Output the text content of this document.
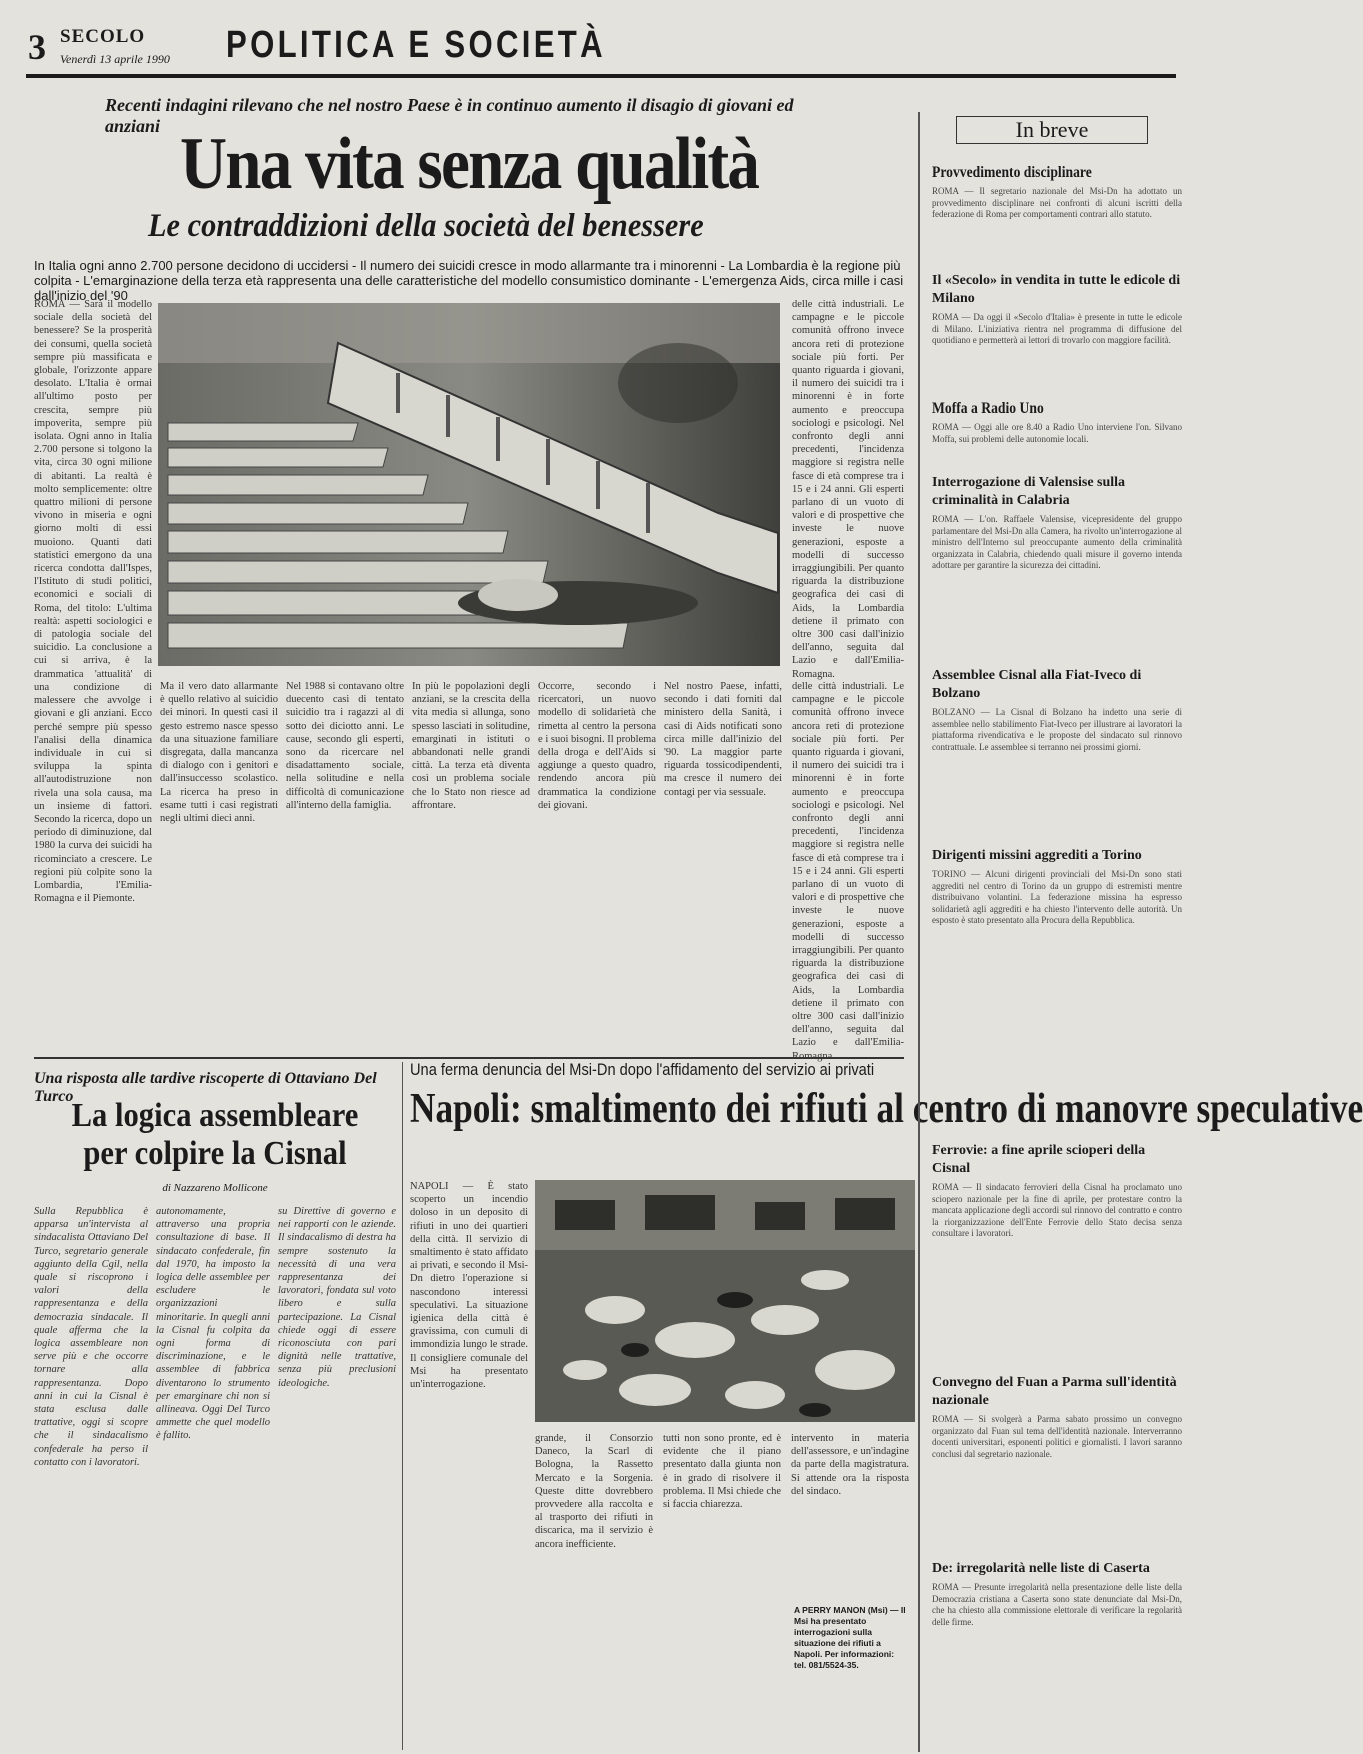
3 SECOLO
Venerdì 13 aprile 1990 POLITICA E SOCIETÀ
Recenti indagini rilevano che nel nostro Paese è in continuo aumento il disagio di giovani ed anziani Una vita senza qualità
Le contraddizioni della società del benessere
In Italia ogni anno 2.700 persone decidono di uccidersi - Il numero dei suicidi cresce in modo allarmante tra i minorenni - La Lombardia è la regione più colpita - L'emarginazione della terza età rappresenta una delle caratteristiche del modello consumistico dominante - L'emergenza Aids, circa mille i casi dall'inizio del '90
ROMA — Sarà il modello sociale della società del benessere? Se la prosperità dei consumi, quella società sempre più massificata e globale, l'orizzonte appare desolato. L'Italia è ormai all'ultimo posto per crescita, sempre più impoverita, sempre più isolata. Ogni anno in Italia 2.700 persone si tolgono la vita, circa 30 ogni milione di abitanti. La realtà è molto semplicemente: oltre quattro milioni di persone vivono in miseria e ogni giorno molti di essi muoiono. Quanti dati statistici emergono da una ricerca condotta dall'Ispes, l'Istituto di studi politici, economici e sociali di Roma, del titolo: L'ultima realtà: aspetti sociologici e di patologia sociale del suicidio. La conclusione a cui si arriva, è la drammatica 'attualità' di una condizione di malessere che avvolge i giovani e gli anziani. Ecco perché sempre più spesso l'analisi della dinamica individuale in cui si sviluppa la spinta all'autodistruzione non rivela una sola causa, ma un insieme di fattori. Secondo la ricerca, dopo un periodo di diminuzione, dal 1980 la curva dei suicidi ha ricominciato a crescere. Le regioni più colpite sono la Lombardia, l'Emilia-Romagna e il Piemonte.
delle città industriali. Le campagne e le piccole comunità offrono invece ancora reti di protezione sociale più forti. Per quanto riguarda i giovani, il numero dei suicidi tra i minorenni è in forte aumento e preoccupa sociologi e psicologi. Nel confronto degli anni precedenti, l'incidenza maggiore si registra nelle fasce di età comprese tra i 15 e i 24 anni. Gli esperti parlano di un vuoto di valori e di prospettive che investe le nuove generazioni, esposte a modelli di successo irraggiungibili. Per quanto riguarda la distribuzione geografica dei casi di Aids, la Lombardia detiene il primato con oltre 300 casi dall'inizio dell'anno, seguita dal Lazio e dall'Emilia-Romagna.
Ma il vero dato allarmante è quello relativo al suicidio dei minori. In questi casi il gesto estremo nasce spesso da una situazione familiare disgregata, dalla mancanza di dialogo con i genitori e dall'insuccesso scolastico. La ricerca ha preso in esame tutti i casi registrati negli ultimi dieci anni.
Nel 1988 si contavano oltre duecento casi di tentato suicidio tra i ragazzi al di sotto dei diciotto anni. Le cause, secondo gli esperti, sono da ricercare nel disadattamento sociale, nella solitudine e nella difficoltà di comunicazione all'interno della famiglia.
In più le popolazioni degli anziani, se la crescita della vita media si allunga, sono spesso lasciati in solitudine, emarginati in istituti o abbandonati nelle grandi città. La terza età diventa così un problema sociale che lo Stato non riesce ad affrontare.
Occorre, secondo i ricercatori, un nuovo modello di solidarietà che rimetta al centro la persona e i suoi bisogni. Il problema della droga e dell'Aids si aggiunge a questo quadro, rendendo ancora più drammatica la condizione dei giovani.
Nel nostro Paese, infatti, secondo i dati forniti dal ministero della Sanità, i casi di Aids notificati sono circa mille dall'inizio del '90. La maggior parte riguarda tossicodipendenti, ma cresce il numero dei contagi per via sessuale.
delle città industriali. Le campagne e le piccole comunità offrono invece ancora reti di protezione sociale più forti. Per quanto riguarda i giovani, il numero dei suicidi tra i minorenni è in forte aumento e preoccupa sociologi e psicologi. Nel confronto degli anni precedenti, l'incidenza maggiore si registra nelle fasce di età comprese tra i 15 e i 24 anni. Gli esperti parlano di un vuoto di valori e di prospettive che investe le nuove generazioni, esposte a modelli di successo irraggiungibili. Per quanto riguarda la distribuzione geografica dei casi di Aids, la Lombardia detiene il primato con oltre 300 casi dall'inizio dell'anno, seguita dal Lazio e dall'Emilia-
Una risposta alle tardive riscoperte di Ottaviano Del Turco
La logica assembleare per colpire la Cisnal
di Nazzareno Mollicone
Sulla Repubblica è apparsa un'intervista al sindacalista Ottaviano Del Turco, segretario generale aggiunto della Cgil, nella quale si riscoprono i valori della rappresentanza e della democrazia sindacale. Il quale afferma che la logica assembleare non serve più e che occorre tornare alla rappresentanza. Dopo anni in cui la Cisnal è stata esclusa dalle trattative, oggi si scopre che il sindacalismo confederale ha perso il contatto con i lavoratori.
autonomamente, attraverso una propria consultazione di base. Il sindacato confederale, fin dal 1970, ha imposto la logica delle assemblee per escludere le organizzazioni minoritarie. In quegli anni la Cisnal fu colpita da ogni forma di discriminazione, e le assemblee di fabbrica diventarono lo strumento per emarginare chi non si allineava. Oggi Del Turco ammette che quel modello è fallito.
su Direttive di governo e nei rapporti con le aziende. Il sindacalismo di destra ha sempre sostenuto la necessità di una vera rappresentanza dei lavoratori, fondata sul voto libero e sulla partecipazione. La Cisnal chiede oggi di essere riconosciuta con pari dignità nelle trattative, senza più preclusioni ideologiche.
Una ferma denuncia del Msi-Dn dopo l'affidamento del servizio ai privati
Napoli: smaltimento dei rifiuti al centro di manovre speculative
NAPOLI — È stato scoperto un incendio doloso in un deposito di rifiuti in uno dei quartieri della città. Il servizio di smaltimento è stato affidato ai privati, e secondo il Msi-Dn dietro l'operazione si nascondono interessi speculativi. La situazione igienica della città è gravissima, con cumuli di immondizia lungo le strade. Il consigliere comunale del Msi ha presentato un'interrogazione.
grande, il Consorzio Daneco, la Scarl di Bologna, la Rassetto Mercato e la Sorgenia. Queste ditte dovrebbero provvedere alla raccolta e al trasporto dei rifiuti in discarica, ma il servizio è ancora inefficiente.
tutti non sono pronte, ed è evidente che il piano presentato dalla giunta non è in grado di risolvere il problema. Il Msi chiede che si faccia chiarezza.
intervento in materia dell'assessore, e un'indagine da parte della magistratura. Si attende ora la risposta del sindaco.
A PERRY MANON (Msi) — Il Msi ha presentato interrogazioni sulla situazione dei rifiuti a Napoli. Per informazioni: tel. 081/5524-35.
In breve
Provvedimento disciplinare
ROMA — Il segretario nazionale del Msi-Dn ha adottato un provvedimento disciplinare nei confronti di alcuni iscritti della federazione di Roma per comportamenti contrari allo statuto.
Il «Secolo» in vendita in tutte le edicole di Milano
ROMA — Da oggi il «Secolo d'Italia» è presente in tutte le edicole di Milano. L'iniziativa rientra nel programma di diffusione del quotidiano e permetterà ai lettori di trovarlo con maggiore facilità.
Moffa a Radio Uno
ROMA — Oggi alle ore 8.40 a Radio Uno interviene l'on. Silvano Moffa, sui problemi delle autonomie locali.
Interrogazione di Valensise sulla criminalità in Calabria
ROMA — L'on. Raffaele Valensise, vicepresidente del gruppo parlamentare del Msi-Dn alla Camera, ha rivolto un'interrogazione al ministro dell'Interno sul preoccupante aumento della criminalità organizzata in Calabria, chiedendo quali misure il governo intenda adottare per garantire la sicurezza dei cittadini.
Assemblee Cisnal alla Fiat-Iveco di Bolzano
BOLZANO — La Cisnal di Bolzano ha indetto una serie di assemblee nello stabilimento Fiat-Iveco per illustrare ai lavoratori la piattaforma rivendicativa e le proposte del sindacato sul rinnovo contrattuale. Le assemblee si terranno nei prossimi giorni.
Dirigenti missini aggrediti a Torino
TORINO — Alcuni dirigenti provinciali del Msi-Dn sono stati aggrediti nel centro di Torino da un gruppo di estremisti mentre distribuivano volantini. La federazione missina ha espresso solidarietà agli aggrediti e ha chiesto l'intervento delle autorità. Un esposto è stato presentato alla Procura della Repubblica.
Ferrovie: a fine aprile scioperi della Cisnal
ROMA — Il sindacato ferrovieri della Cisnal ha proclamato uno sciopero nazionale per la fine di aprile, per protestare contro la mancata applicazione degli accordi sul rinnovo del contratto e contro la riorganizzazione dell'Ente Ferrovie dello Stato decisa senza consultare i lavoratori.
Convegno del Fuan a Parma sull'identità nazionale
ROMA — Si svolgerà a Parma sabato prossimo un convegno organizzato dal Fuan sul tema dell'identità nazionale. Interverranno docenti universitari, esponenti politici e giornalisti. I lavori saranno conclusi dal segretario nazionale.
De: irregolarità nelle liste di Caserta
ROMA — Presunte irregolarità nella presentazione delle liste della Democrazia cristiana a Caserta sono state denunciate dal Msi-Dn, che ha chiesto alla commissione elettorale di verificare la regolarità delle firme.
